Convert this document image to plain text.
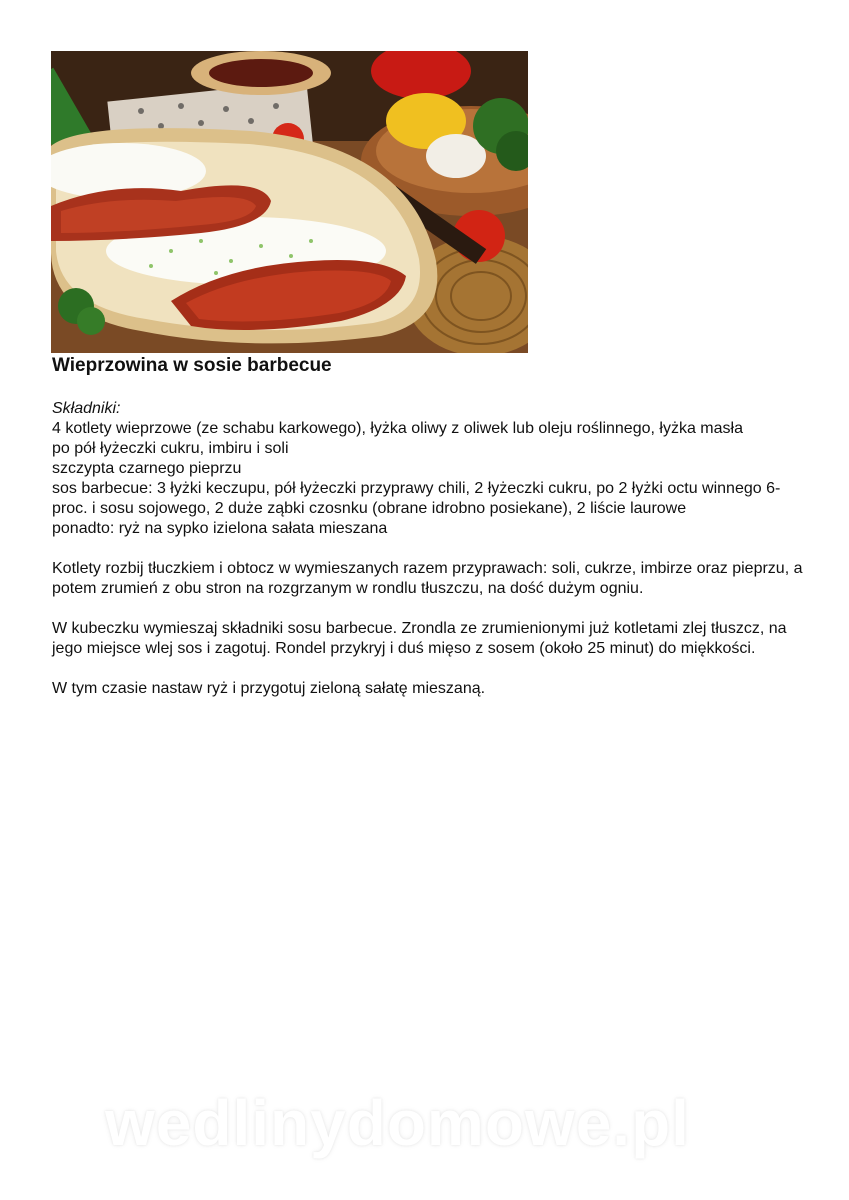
Wieprzowina w sosie barbecue
Składniki:
4 kotlety wieprzowe (ze schabu karkowego), łyżka oliwy z oliwek lub oleju roślinnego, łyżka masła
po pół łyżeczki cukru, imbiru i soli
szczypta czarnego pieprzu
sos barbecue: 3 łyżki keczupu, pół łyżeczki przyprawy chili, 2 łyżeczki cukru, po 2 łyżki octu winnego 6-proc. i sosu sojowego, 2 duże ząbki czosnku (obrane idrobno posiekane), 2 liście laurowe
ponadto: ryż na sypko izielona sałata mieszana

Kotlety rozbij tłuczkiem i obtocz w wymieszanych razem przyprawach: soli, cukrze, imbirze oraz pieprzu, a potem zrumień z obu stron na rozgrzanym w rondlu tłuszczu, na dość dużym ogniu.

W kubeczku wymieszaj składniki sosu barbecue. Zrondla ze zrumienionymi już kotletami zlej tłuszcz, na jego miejsce wlej sos i zagotuj. Rondel przykryj i duś mięso z sosem (około 25 minut) do miękkości.

W tym czasie nastaw ryż i przygotuj zieloną sałatę mieszaną.

wedlinydomowe.pl
